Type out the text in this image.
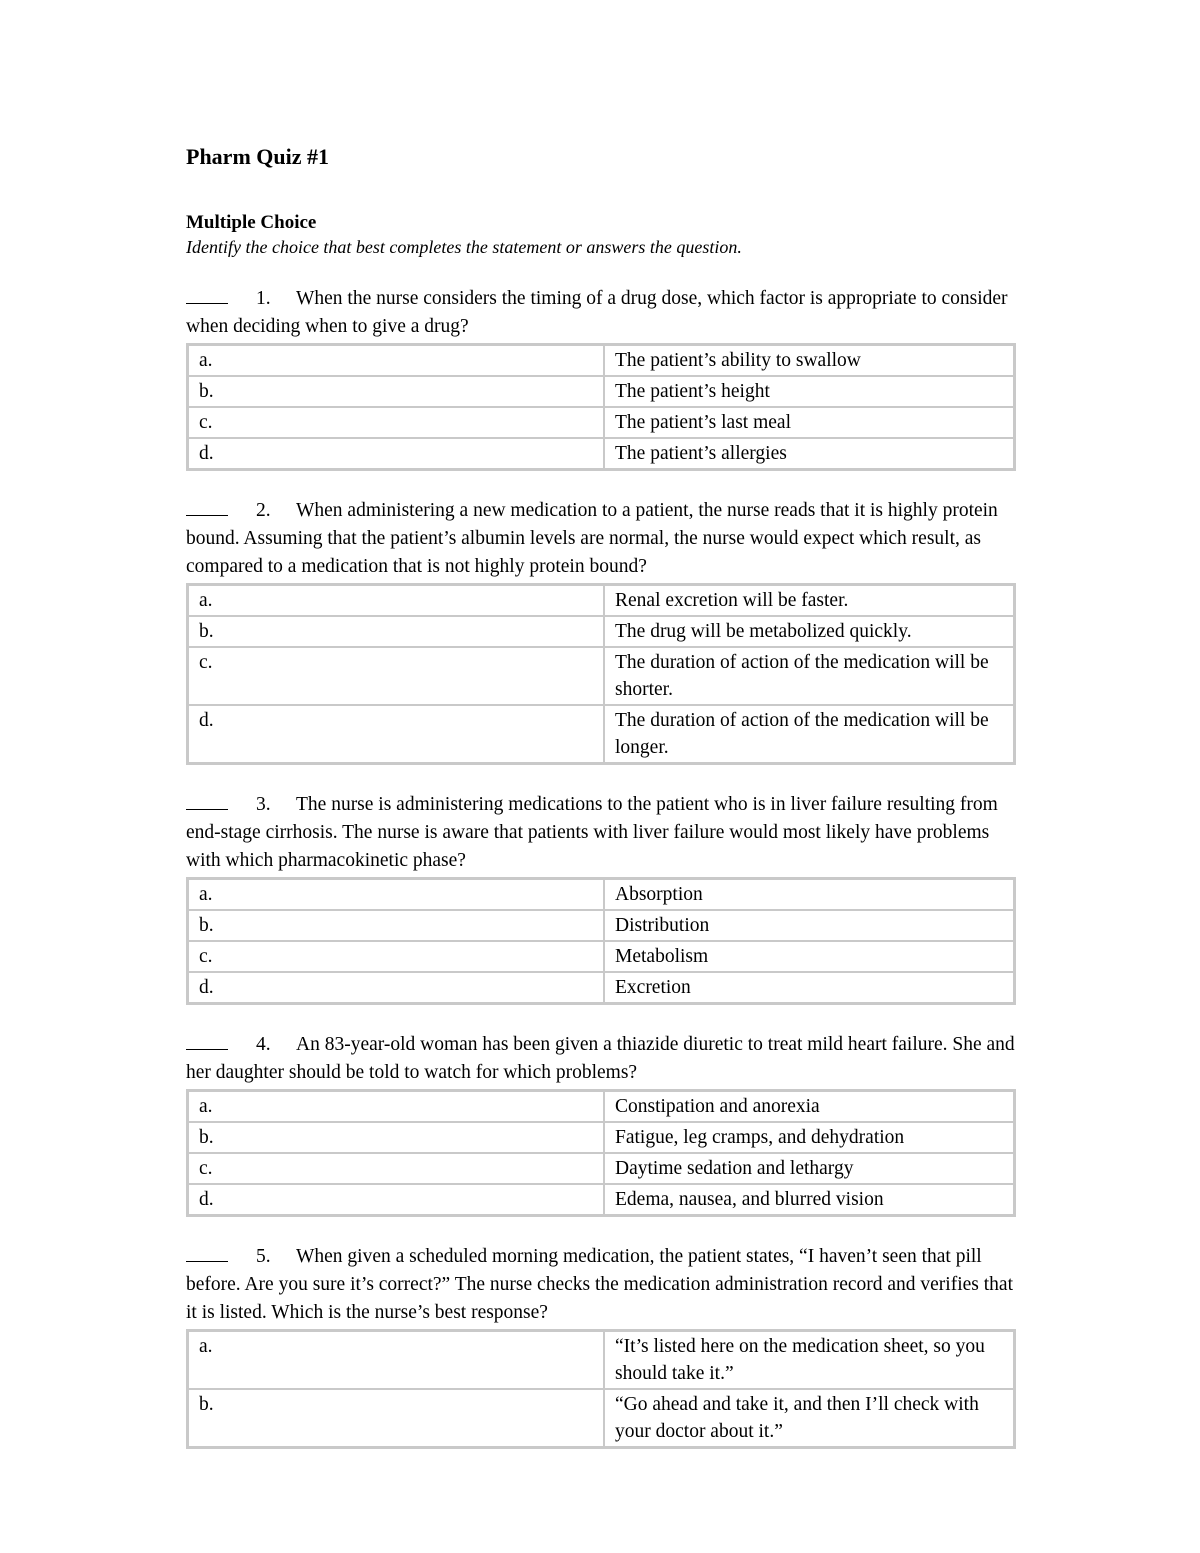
Pharm Quiz #1
Multiple Choice
Identify the choice that best completes the statement or answers the question.
1. When the nurse considers the timing of a drug dose, which factor is appropriate to consider when deciding when to give a drug?
a.	The patient’s ability to swallow
b.	The patient’s height
c.	The patient’s last meal
d.	The patient’s allergies
2. When administering a new medication to a patient, the nurse reads that it is highly protein bound. Assuming that the patient’s albumin levels are normal, the nurse would expect which result, as compared to a medication that is not highly protein bound?
a.	Renal excretion will be faster.
b.	The drug will be metabolized quickly.
c.	The duration of action of the medication will be shorter.
d.	The duration of action of the medication will be longer.
3. The nurse is administering medications to the patient who is in liver failure resulting from end-stage cirrhosis. The nurse is aware that patients with liver failure would most likely have problems with which pharmacokinetic phase?
a.	Absorption
b.	Distribution
c.	Metabolism
d.	Excretion
4. An 83-year-old woman has been given a thiazide diuretic to treat mild heart failure. She and her daughter should be told to watch for which problems?
a.	Constipation and anorexia
b.	Fatigue, leg cramps, and dehydration
c.	Daytime sedation and lethargy
d.	Edema, nausea, and blurred vision
5. When given a scheduled morning medication, the patient states, “I haven’t seen that pill before. Are you sure it’s correct?” The nurse checks the medication administration record and verifies that it is listed. Which is the nurse’s best response?
a.	“It’s listed here on the medication sheet, so you should take it.”
b.	“Go ahead and take it, and then I’ll check with your doctor about it.”
